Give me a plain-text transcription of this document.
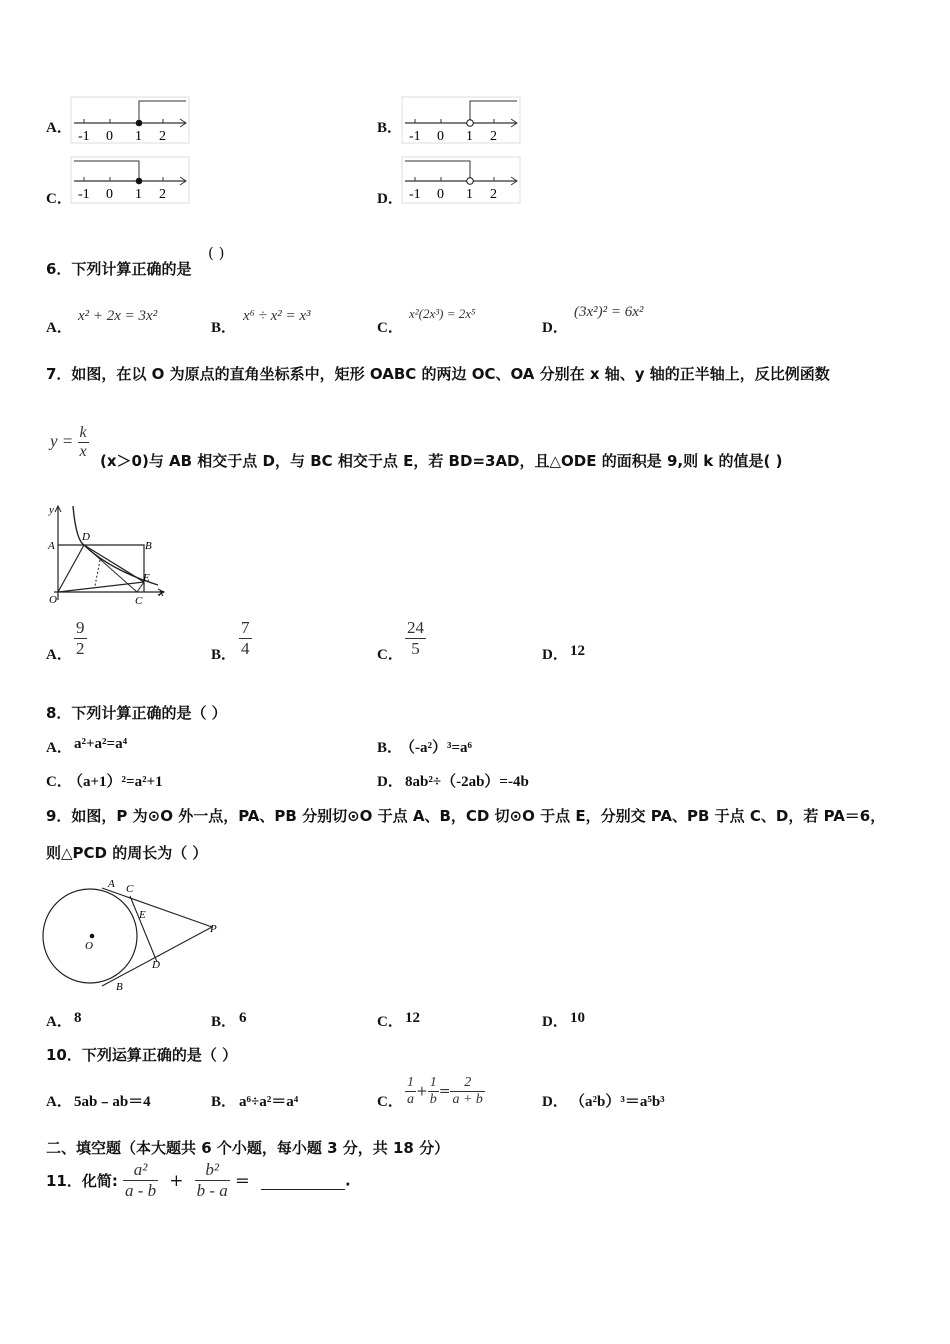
A．
-1 0 1 2
B．
-1 0 1 2
C． -1 0 1 2	D． -1 0 1 2
6．下列计算正确的是
( )
A．
x² + 2x = 3x²
B．
x⁶ ÷ x² = x³
C．
x²(2x³) = 2x⁵
D．
(3x²)² = 6x²
7．如图，在以 O 为原点的直角坐标系中，矩形 OABC 的两边 OC、OA 分别在 x 轴、y 轴的正半轴上，反比例函数
$y = \frac{k}{x} (x>0)$与 AB 相交于点 D，与 BC 相交于点 E，若 BD=3AD，且△ODE 的面积是 9,则 k 的值是( )
y
A
D
B
E
O	C
x
A． $\frac{9}{2}$	B． $\frac{7}{4}$	C． $\frac{24}{5}$	D． 12
8．下列计算正确的是（ ）
A． a²+a²=a⁴	B．
（-a²）³=a⁶
C．
（a+1）²=a²+1	D． 8ab²÷（-2ab）=-4b
9．如图，P 为⊙O 外一点，PA、PB 分别切⊙O 于点 A、B，CD 切⊙O 于点 E，分别交 PA、PB 于点 C、D，若 PA＝6，
则△PCD 的周长为（ ）
A C
E
O
P
D
B
A． 8	B． 6	C． 12	D． 10
10．下列运算正确的是（ ）
A． 5ab﹣ab＝4	B． a⁶÷a²＝a⁴	C． $\frac{1}{a} + \frac{1}{b} = \frac{2}{a + b}$	D． （a²b）³＝a⁵b³
二、填空题（本大题共 6 个小题，每小题 3 分，共 18 分）
11．化简: $\frac{\text{a²}}{a - b} + \frac{\text{b²}}{b - a}$ ＝	.
